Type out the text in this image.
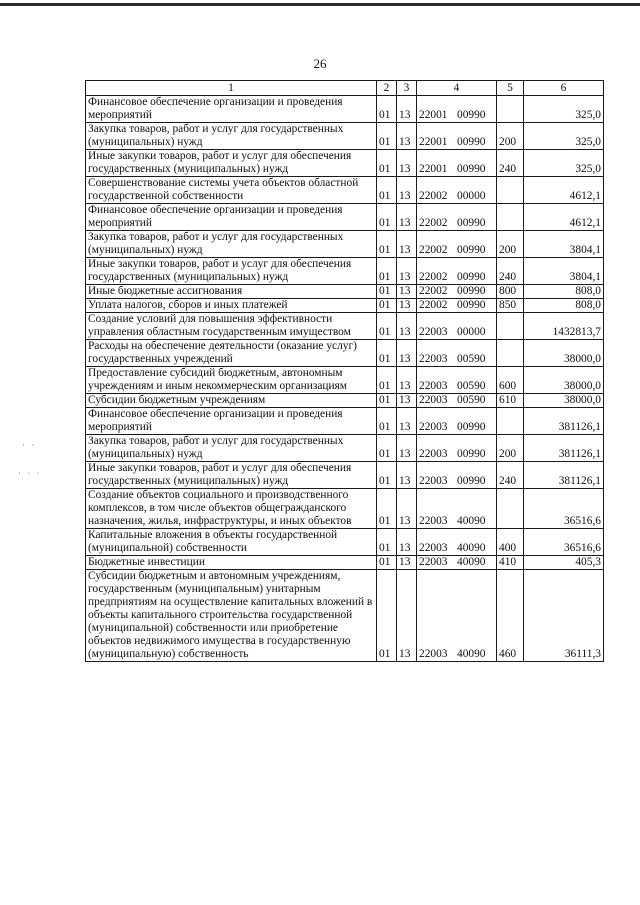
26
· ·
· · ·
1	2	3	4	5	6
Финансовое обеспечение организации и проведения мероприятий	01	13	22001 00990		325,0
Закупка товаров, работ и услуг для государственных (муниципальных) нужд	01	13	22001 00990	200	325,0
Иные закупки товаров, работ и услуг для обеспечения государственных (муниципальных) нужд	01	13	22001 00990	240	325,0
Совершенствование системы учета объектов областной государственной собственности	01	13	22002 00000		4612,1
Финансовое обеспечение организации и проведения мероприятий	01	13	22002 00990		4612,1
Закупка товаров, работ и услуг для государственных (муниципальных) нужд	01	13	22002 00990	200	3804,1
Иные закупки товаров, работ и услуг для обеспечения государственных (муниципальных) нужд	01	13	22002 00990	240	3804,1
Иные бюджетные ассигнования	01	13	22002 00990	800	808,0
Уплата налогов, сборов и иных платежей	01	13	22002 00990	850	808,0
Создание условий для повышения эффективности управления областным государственным имуществом	01	13	22003 00000		1432813,7
Расходы на обеспечение деятельности (оказание услуг) государственных учреждений	01	13	22003 00590		38000,0
Предоставление субсидий бюджетным, автономным учреждениям и иным некоммерческим организациям	01	13	22003 00590	600	38000,0
Субсидии бюджетным учреждениям	01	13	22003 00590	610	38000,0
Финансовое обеспечение организации и проведения мероприятий	01	13	22003 00990		381126,1
Закупка товаров, работ и услуг для государственных (муниципальных) нужд	01	13	22003 00990	200	381126,1
Иные закупки товаров, работ и услуг для обеспечения государственных (муниципальных) нужд	01	13	22003 00990	240	381126,1
Создание объектов социального и производственного комплексов, в том числе объектов общегражданского назначения, жилья, инфраструктуры, и иных объектов	01	13	22003 40090		36516,6
Капитальные вложения в объекты государственной (муниципальной) собственности	01	13	22003 40090	400	36516,6
Бюджетные инвестиции	01	13	22003 40090	410	405,3
Субсидии бюджетным и автономным учреждениям, государственным (муниципальным) унитарным предприятиям на осуществление капитальных вложений в объекты капитального строительства государственной (муниципальной) собственности или приобретение объектов недвижимого имущества в государственную (муниципальную) собственность	01	13	22003 40090	460	36111,3
